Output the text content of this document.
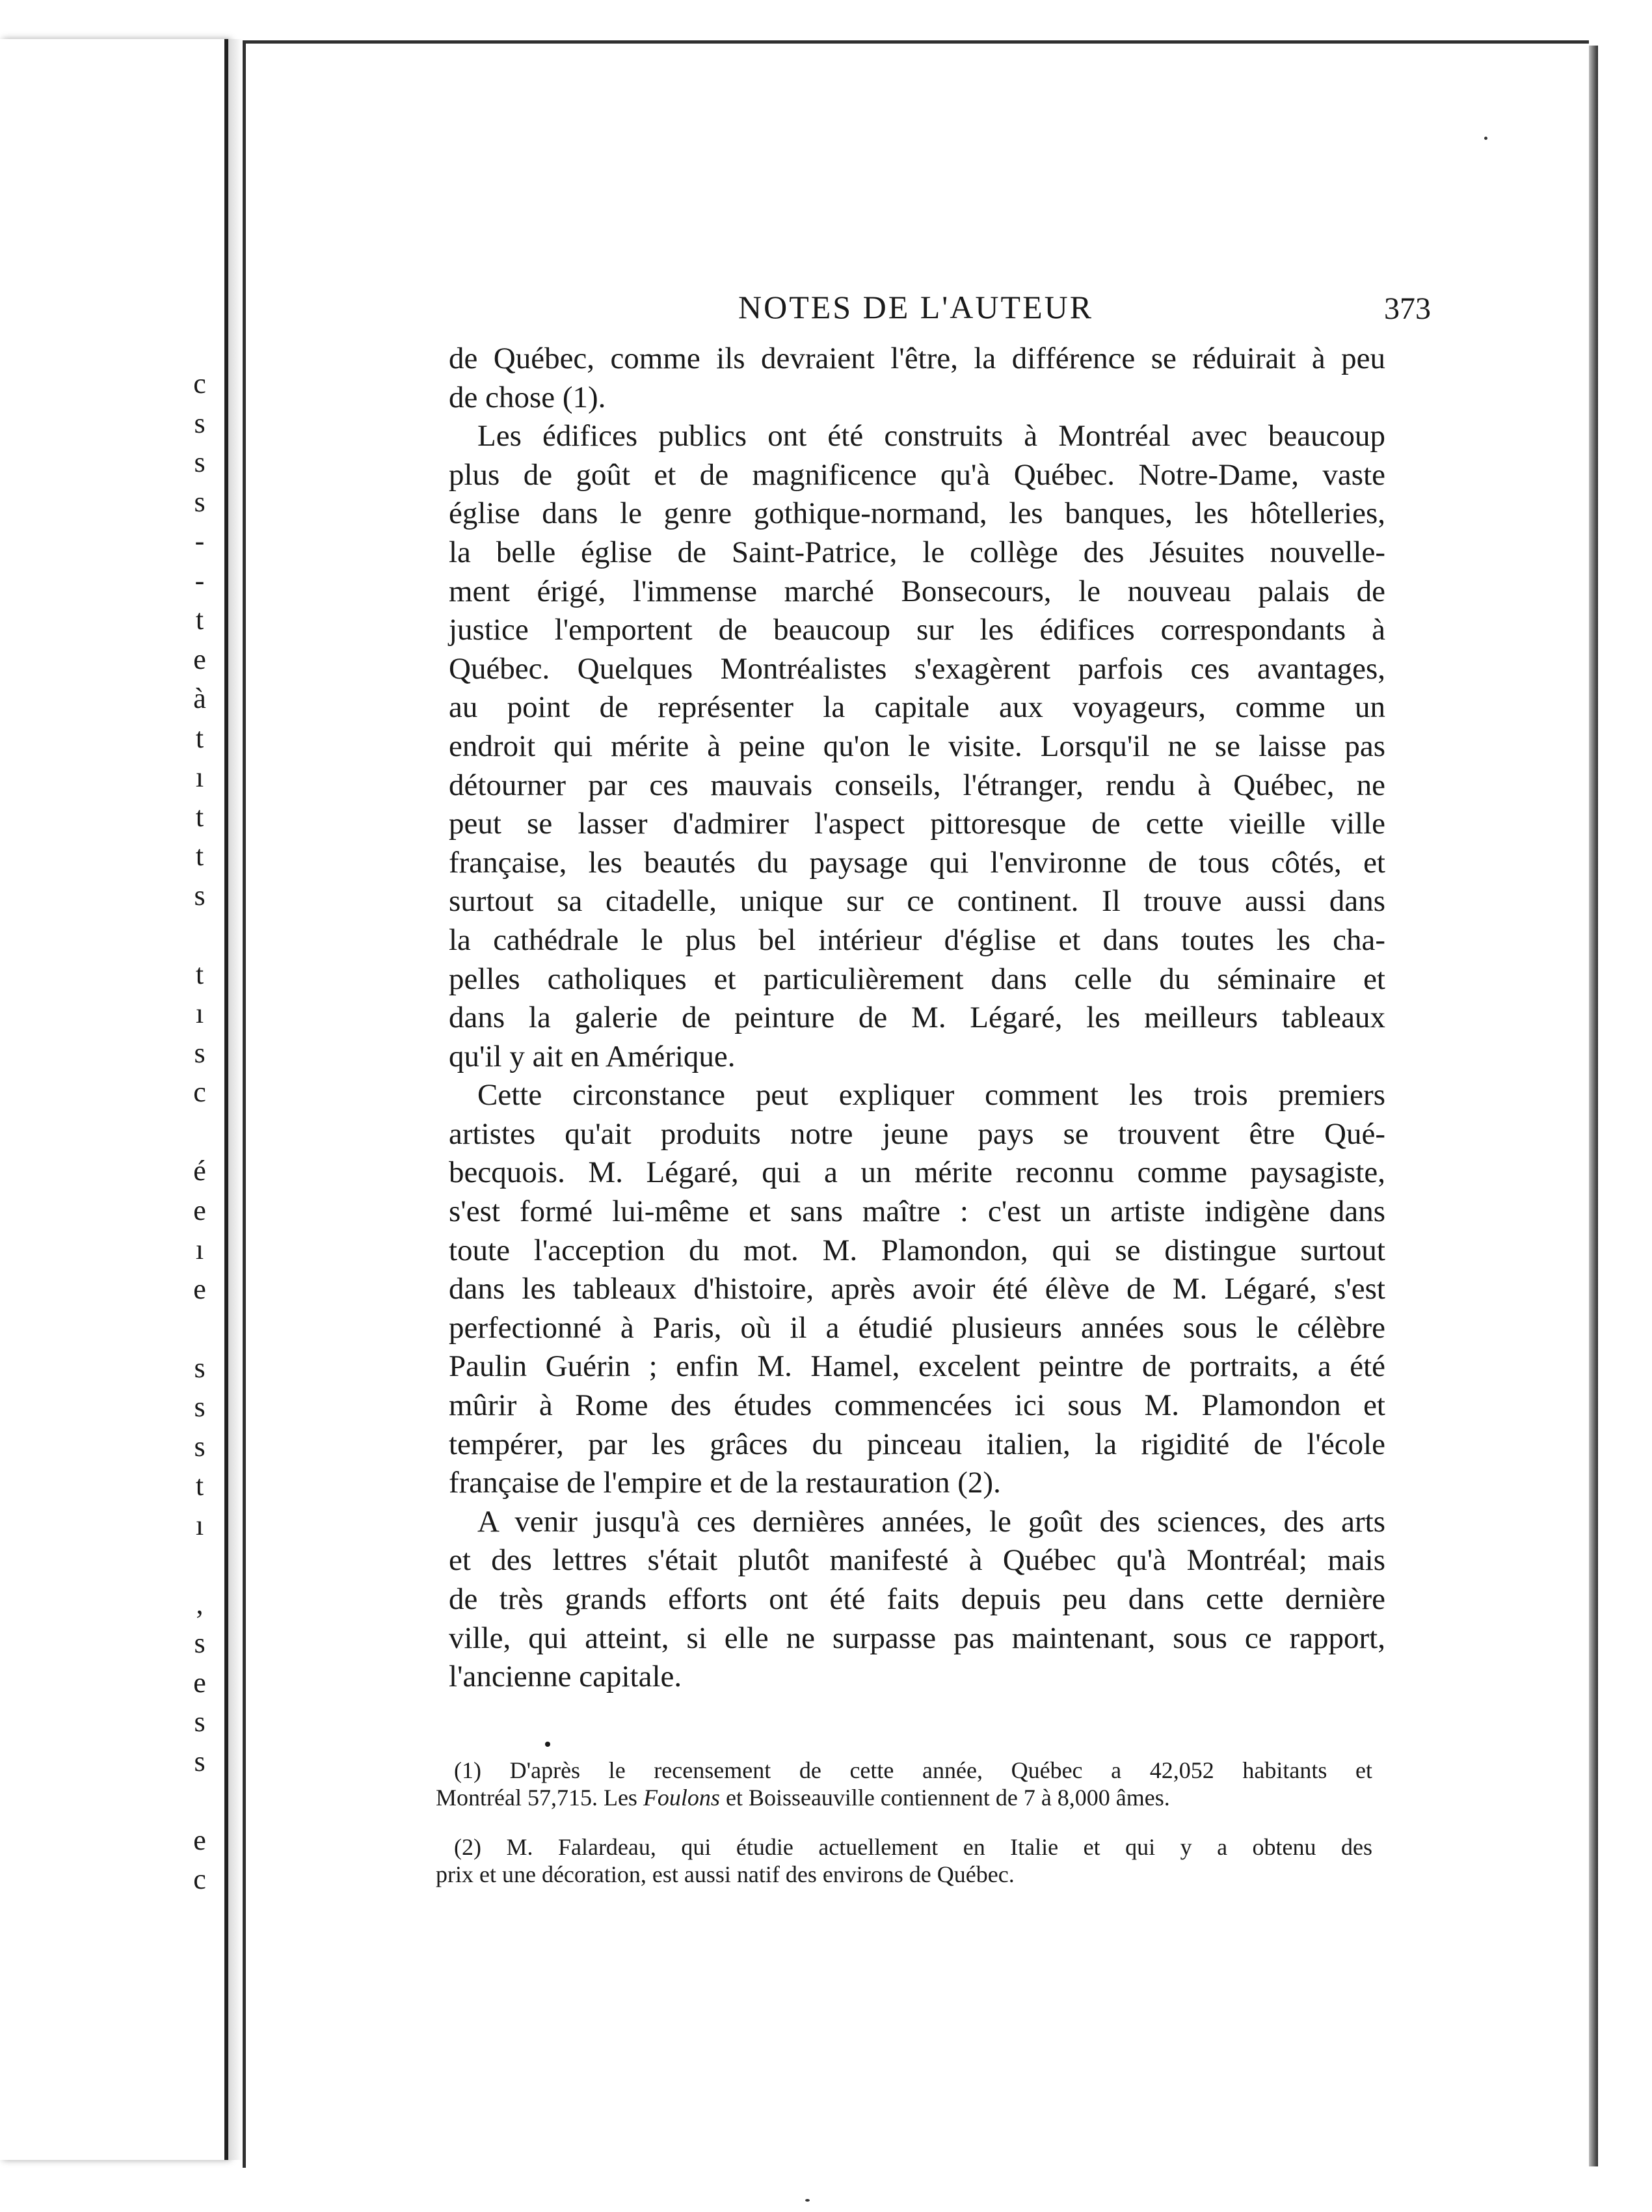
c
s
s
s
-
-
t
e
à
t
ı
t
t
s
t
ı
s
c
é
e
ı
e
s
s
s
t
ı
,
s
e
s
s
e
c
NOTES DE L'AUTEUR	373
de Québec, comme ils devraient l'être, la différence se réduirait à peu
de chose (1).
Les édifices publics ont été construits à Montréal avec beaucoup
plus de goût et de magnificence qu'à Québec. Notre-Dame, vaste
église dans le genre gothique-normand, les banques, les hôtelleries,
la belle église de Saint-Patrice, le collège des Jésuites nouvelle-
ment érigé, l'immense marché Bonsecours, le nouveau palais de
justice l'emportent de beaucoup sur les édifices correspondants à
Québec. Quelques Montréalistes s'exagèrent parfois ces avantages,
au point de représenter la capitale aux voyageurs, comme un
endroit qui mérite à peine qu'on le visite. Lorsqu'il ne se laisse pas
détourner par ces mauvais conseils, l'étranger, rendu à Québec, ne
peut se lasser d'admirer l'aspect pittoresque de cette vieille ville
française, les beautés du paysage qui l'environne de tous côtés, et
surtout sa citadelle, unique sur ce continent. Il trouve aussi dans
la cathédrale le plus bel intérieur d'église et dans toutes les cha-
pelles catholiques et particulièrement dans celle du séminaire et
dans la galerie de peinture de M. Légaré, les meilleurs tableaux
qu'il y ait en Amérique.
Cette circonstance peut expliquer comment les trois premiers
artistes qu'ait produits notre jeune pays se trouvent être Qué-
becquois. M. Légaré, qui a un mérite reconnu comme paysagiste,
s'est formé lui-même et sans maître : c'est un artiste indigène dans
toute l'acception du mot. M. Plamondon, qui se distingue surtout
dans les tableaux d'histoire, après avoir été élève de M. Légaré, s'est
perfectionné à Paris, où il a étudié plusieurs années sous le célèbre
Paulin Guérin ; enfin M. Hamel, excelent peintre de portraits, a été
mûrir à Rome des études commencées ici sous M. Plamondon et
tempérer, par les grâces du pinceau italien, la rigidité de l'école
française de l'empire et de la restauration (2).
A venir jusqu'à ces dernières années, le goût des sciences, des arts
et des lettres s'était plutôt manifesté à Québec qu'à Montréal; mais
de très grands efforts ont été faits depuis peu dans cette dernière
ville, qui atteint, si elle ne surpasse pas maintenant, sous ce rapport,
l'ancienne capitale.
(1) D'après le recensement de cette année, Québec a 42,052 habitants et
Montréal 57,715. Les Foulons et Boisseauville contiennent de 7 à 8,000 âmes.
(2) M. Falardeau, qui étudie actuellement en Italie et qui y a obtenu des
prix et une décoration, est aussi natif des environs de Québec.
